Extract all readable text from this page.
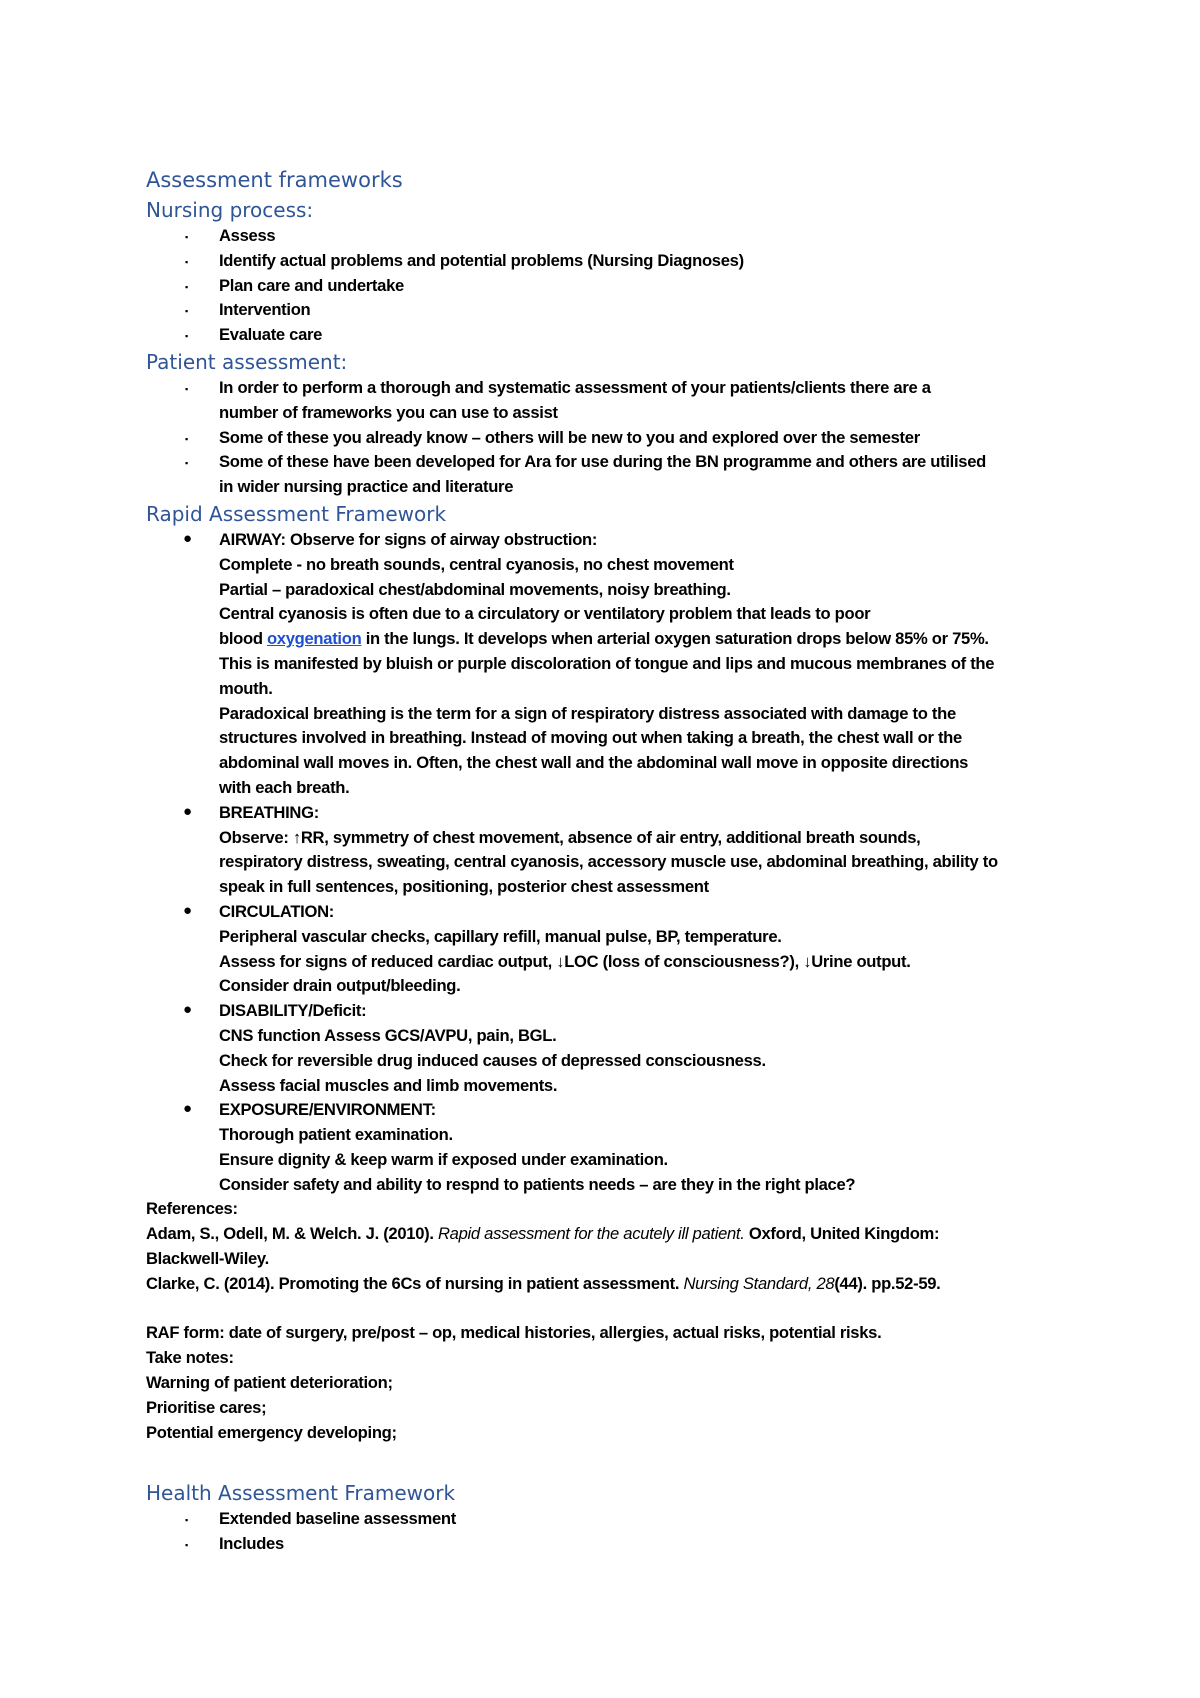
Assessment frameworks
Nursing process:
▪ Assess
▪ Identify actual problems and potential problems (Nursing Diagnoses)
▪ Plan care and undertake
▪ Intervention
▪ Evaluate care
Patient assessment:
▪ In order to perform a thorough and systematic assessment of your patients/clients there are a
number of frameworks you can use to assist
▪ Some of these you already know – others will be new to you and explored over the semester
▪ Some of these have been developed for Ara for use during the BN programme and others are utilised
in wider nursing practice and literature
Rapid Assessment Framework
● AIRWAY: Observe for signs of airway obstruction:
Complete - no breath sounds, central cyanosis, no chest movement
Partial – paradoxical chest/abdominal movements, noisy breathing.
Central cyanosis is often due to a circulatory or ventilatory problem that leads to poor
blood oxygenation in the lungs. It develops when arterial oxygen saturation drops below 85% or 75%.
This is manifested by bluish or purple discoloration of tongue and lips and mucous membranes of the
mouth.
Paradoxical breathing is the term for a sign of respiratory distress associated with damage to the
structures involved in breathing. Instead of moving out when taking a breath, the chest wall or the
abdominal wall moves in. Often, the chest wall and the abdominal wall move in opposite directions
with each breath.
● BREATHING:
Observe: ↑RR, symmetry of chest movement, absence of air entry, additional breath sounds,
respiratory distress, sweating, central cyanosis, accessory muscle use, abdominal breathing, ability to
speak in full sentences, positioning, posterior chest assessment
● CIRCULATION:
Peripheral vascular checks, capillary refill, manual pulse, BP, temperature.
Assess for signs of reduced cardiac output, ↓LOC (loss of consciousness?), ↓Urine output.
Consider drain output/bleeding.
● DISABILITY/Deficit:
CNS function Assess GCS/AVPU, pain, BGL.
Check for reversible drug induced causes of depressed consciousness.
Assess facial muscles and limb movements.
● EXPOSURE/ENVIRONMENT:
Thorough patient examination.
Ensure dignity & keep warm if exposed under examination.
Consider safety and ability to respnd to patients needs – are they in the right place?

References:

Adam, S., Odell, M. & Welch. J. (2010). Rapid assessment for the acutely ill patient. Oxford, United Kingdom:

Blackwell-Wiley.

Clarke, C. (2014). Promoting the 6Cs of nursing in patient assessment. Nursing Standard, 28(44). pp.52-59.

RAF form: date of surgery, pre/post – op, medical histories, allergies, actual risks, potential risks.

Take notes:

Warning of patient deterioration;

Prioritise cares;

Potential emergency developing;

Health Assessment Framework
▪ Extended baseline assessment
▪ Includes
